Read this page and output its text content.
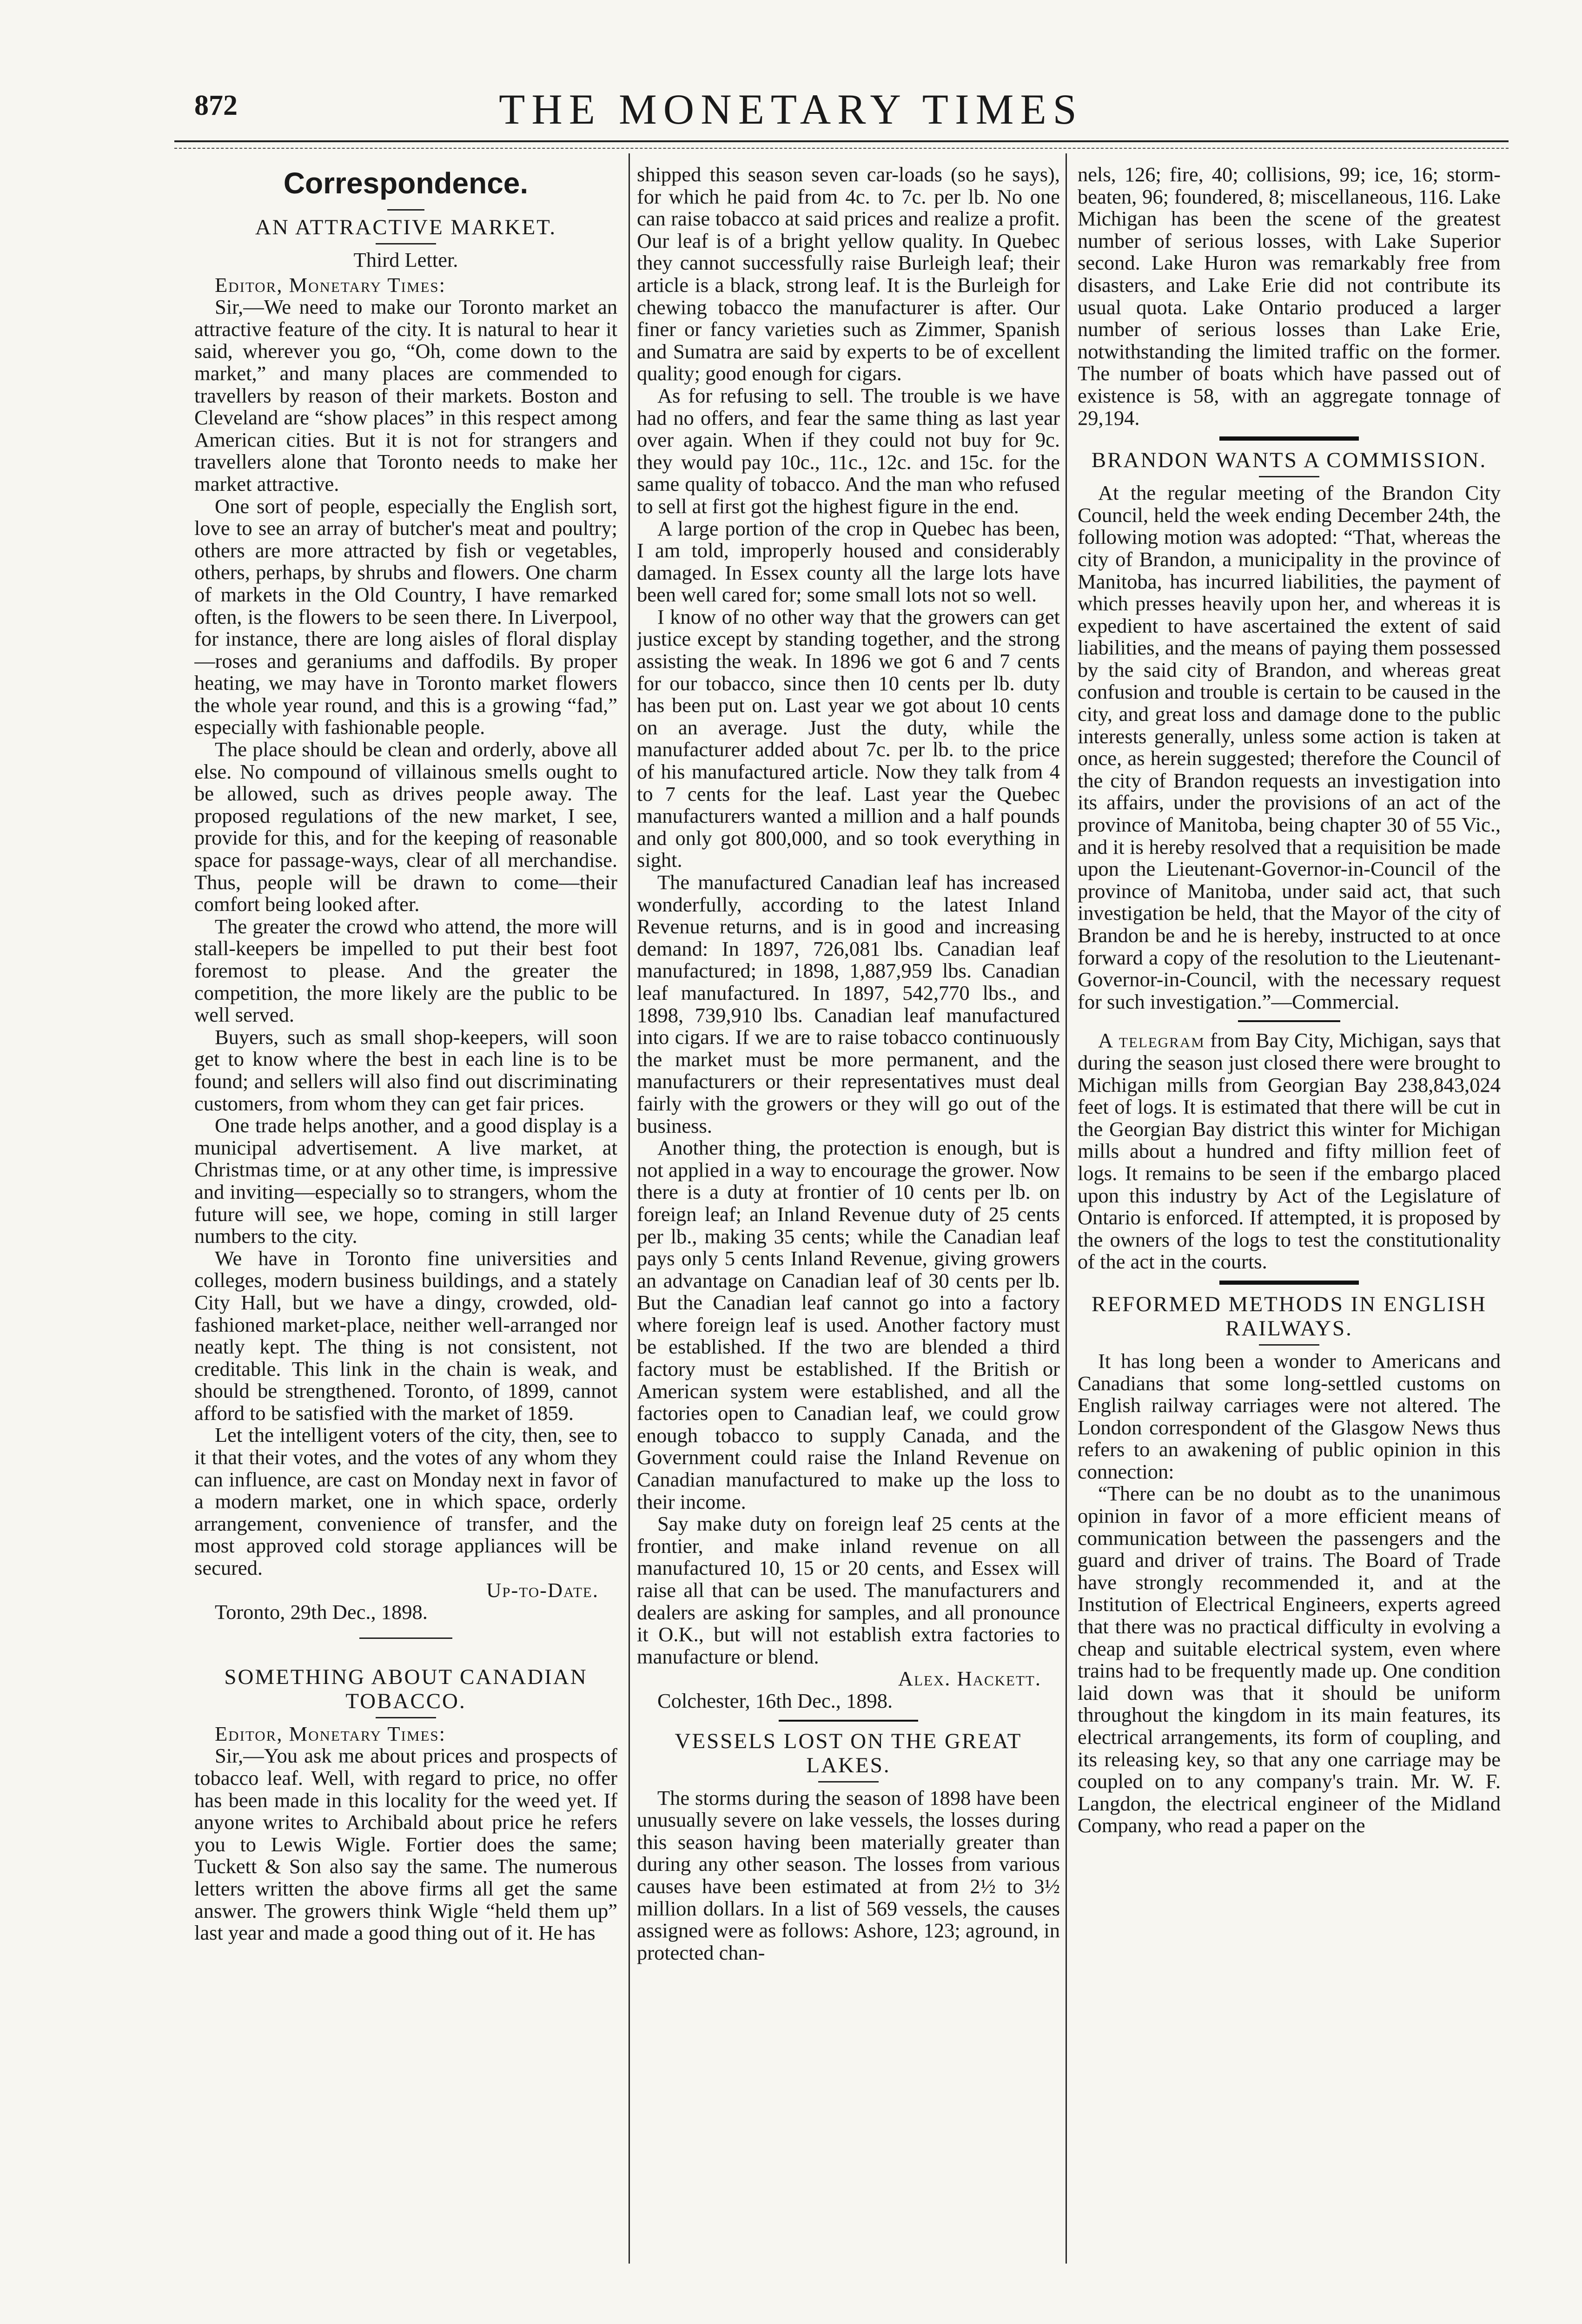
872	THE MONETARY TIMES
Correspondence.
AN ATTRACTIVE MARKET.
Third Letter.

Editor, Monetary Times:

Sir,—We need to make our Toronto market an attractive feature of the city. It is natural to hear it said, wherever you go, “Oh, come down to the market,” and many places are commended to travellers by reason of their markets. Boston and Cleveland are “show places” in this respect among American cities. But it is not for strangers and travellers alone that Toronto needs to make her market attractive.

One sort of people, especially the English sort, love to see an array of butcher's meat and poultry; others are more attracted by fish or vegetables, others, perhaps, by shrubs and flowers. One charm of markets in the Old Country, I have remarked often, is the flowers to be seen there. In Liverpool, for instance, there are long aisles of floral display—roses and geraniums and daffodils. By proper heating, we may have in Toronto market flowers the whole year round, and this is a growing “fad,” especially with fashionable people.

The place should be clean and orderly, above all else. No compound of villainous smells ought to be allowed, such as drives people away. The proposed regulations of the new market, I see, provide for this, and for the keeping of reasonable space for passage-ways, clear of all merchandise. Thus, people will be drawn to come—their comfort being looked after.

The greater the crowd who attend, the more will stall-keepers be impelled to put their best foot foremost to please. And the greater the competition, the more likely are the public to be well served.

Buyers, such as small shop-keepers, will soon get to know where the best in each line is to be found; and sellers will also find out discriminating customers, from whom they can get fair prices.

One trade helps another, and a good display is a municipal advertisement. A live market, at Christmas time, or at any other time, is impressive and inviting—especially so to strangers, whom the future will see, we hope, coming in still larger numbers to the city.

We have in Toronto fine universities and colleges, modern business buildings, and a stately City Hall, but we have a dingy, crowded, old-fashioned market-place, neither well-arranged nor neatly kept. The thing is not consistent, not creditable. This link in the chain is weak, and should be strengthened. Toronto, of 1899, cannot afford to be satisfied with the market of 1859.

Let the intelligent voters of the city, then, see to it that their votes, and the votes of any whom they can influence, are cast on Monday next in favor of a modern market, one in which space, orderly arrangement, convenience of transfer, and the most approved cold storage appliances will be secured.

Up-to-Date.
Toronto, 29th Dec., 1898.
SOMETHING ABOUT CANADIAN TOBACCO.

Editor, Monetary Times:

Sir,—You ask me about prices and prospects of tobacco leaf. Well, with regard to price, no offer has been made in this locality for the weed yet. If anyone writes to Archibald about price he refers you to Lewis Wigle. Fortier does the same; Tuckett & Son also say the same. The numerous letters written the above firms all get the same answer. The growers think Wigle “held them up” last year and made a good thing out of it. He has

shipped this season seven car-loads (so he says), for which he paid from 4c. to 7c. per lb. No one can raise tobacco at said prices and realize a profit. Our leaf is of a bright yellow quality. In Quebec they cannot successfully raise Burleigh leaf; their article is a black, strong leaf. It is the Burleigh for chewing tobacco the manufacturer is after. Our finer or fancy varieties such as Zimmer, Spanish and Sumatra are said by experts to be of excellent quality; good enough for cigars.

As for refusing to sell. The trouble is we have had no offers, and fear the same thing as last year over again. When if they could not buy for 9c. they would pay 10c., 11c., 12c. and 15c. for the same quality of tobacco. And the man who refused to sell at first got the highest figure in the end.

A large portion of the crop in Quebec has been, I am told, improperly housed and considerably damaged. In Essex county all the large lots have been well cared for; some small lots not so well.

I know of no other way that the growers can get justice except by standing together, and the strong assisting the weak. In 1896 we got 6 and 7 cents for our tobacco, since then 10 cents per lb. duty has been put on. Last year we got about 10 cents on an average. Just the duty, while the manufacturer added about 7c. per lb. to the price of his manufactured article. Now they talk from 4 to 7 cents for the leaf. Last year the Quebec manufacturers wanted a million and a half pounds and only got 800,000, and so took everything in sight.

The manufactured Canadian leaf has increased wonderfully, according to the latest Inland Revenue returns, and is in good and increasing demand: In 1897, 726,081 lbs. Canadian leaf manufactured; in 1898, 1,887,959 lbs. Canadian leaf manufactured. In 1897, 542,770 lbs., and 1898, 739,910 lbs. Canadian leaf manufactured into cigars. If we are to raise tobacco continuously the market must be more permanent, and the manufacturers or their representatives must deal fairly with the growers or they will go out of the business.

Another thing, the protection is enough, but is not applied in a way to encourage the grower. Now there is a duty at frontier of 10 cents per lb. on foreign leaf; an Inland Revenue duty of 25 cents per lb., making 35 cents; while the Canadian leaf pays only 5 cents Inland Revenue, giving growers an advantage on Canadian leaf of 30 cents per lb. But the Canadian leaf cannot go into a factory where foreign leaf is used. Another factory must be established. If the two are blended a third factory must be established. If the British or American system were established, and all the factories open to Canadian leaf, we could grow enough tobacco to supply Canada, and the Government could raise the Inland Revenue on Canadian manufactured to make up the loss to their income.

Say make duty on foreign leaf 25 cents at the frontier, and make inland revenue on all manufactured 10, 15 or 20 cents, and Essex will raise all that can be used. The manufacturers and dealers are asking for samples, and all pronounce it O.K., but will not establish extra factories to manufacture or blend.

Alex. Hackett.
Colchester, 16th Dec., 1898.
VESSELS LOST ON THE GREAT LAKES.

The storms during the season of 1898 have been unusually severe on lake vessels, the losses during this season having been materially greater than during any other season. The losses from various causes have been estimated at from 2½ to 3½ million dollars. In a list of 569 vessels, the causes assigned were as follows: Ashore, 123; aground, in protected chan-

nels, 126; fire, 40; collisions, 99; ice, 16; storm-beaten, 96; foundered, 8; miscellaneous, 116. Lake Michigan has been the scene of the greatest number of serious losses, with Lake Superior second. Lake Huron was remarkably free from disasters, and Lake Erie did not contribute its usual quota. Lake Ontario produced a larger number of serious losses than Lake Erie, notwithstanding the limited traffic on the former. The number of boats which have passed out of existence is 58, with an aggregate tonnage of 29,194.

BRANDON WANTS A COMMISSION.

At the regular meeting of the Brandon City Council, held the week ending December 24th, the following motion was adopted: “That, whereas the city of Brandon, a municipality in the province of Manitoba, has incurred liabilities, the payment of which presses heavily upon her, and whereas it is expedient to have ascertained the extent of said liabilities, and the means of paying them possessed by the said city of Brandon, and whereas great confusion and trouble is certain to be caused in the city, and great loss and damage done to the public interests generally, unless some action is taken at once, as herein suggested; therefore the Council of the city of Brandon requests an investigation into its affairs, under the provisions of an act of the province of Manitoba, being chapter 30 of 55 Vic., and it is hereby resolved that a requisition be made upon the Lieutenant-Governor-in-Council of the province of Manitoba, under said act, that such investigation be held, that the Mayor of the city of Brandon be and he is hereby, instructed to at once forward a copy of the resolution to the Lieutenant-Governor-in-Council, with the necessary request for such investigation.”—Commercial.

A telegram from Bay City, Michigan, says that during the season just closed there were brought to Michigan mills from Georgian Bay 238,843,024 feet of logs. It is estimated that there will be cut in the Georgian Bay district this winter for Michigan mills about a hundred and fifty million feet of logs. It remains to be seen if the embargo placed upon this industry by Act of the Legislature of Ontario is enforced. If attempted, it is proposed by the owners of the logs to test the constitutionality of the act in the courts.

REFORMED METHODS IN ENGLISH RAILWAYS.

It has long been a wonder to Americans and Canadians that some long-settled customs on English railway carriages were not altered. The London correspondent of the Glasgow News thus refers to an awakening of public opinion in this connection:

“There can be no doubt as to the unanimous opinion in favor of a more efficient means of communication between the passengers and the guard and driver of trains. The Board of Trade have strongly recommended it, and at the Institution of Electrical Engineers, experts agreed that there was no practical difficulty in evolving a cheap and suitable electrical system, even where trains had to be frequently made up. One condition laid down was that it should be uniform throughout the kingdom in its main features, its electrical arrangements, its form of coupling, and its releasing key, so that any one carriage may be coupled on to any company's train. Mr. W. F. Langdon, the electrical engineer of the Midland Company, who read a paper on the
